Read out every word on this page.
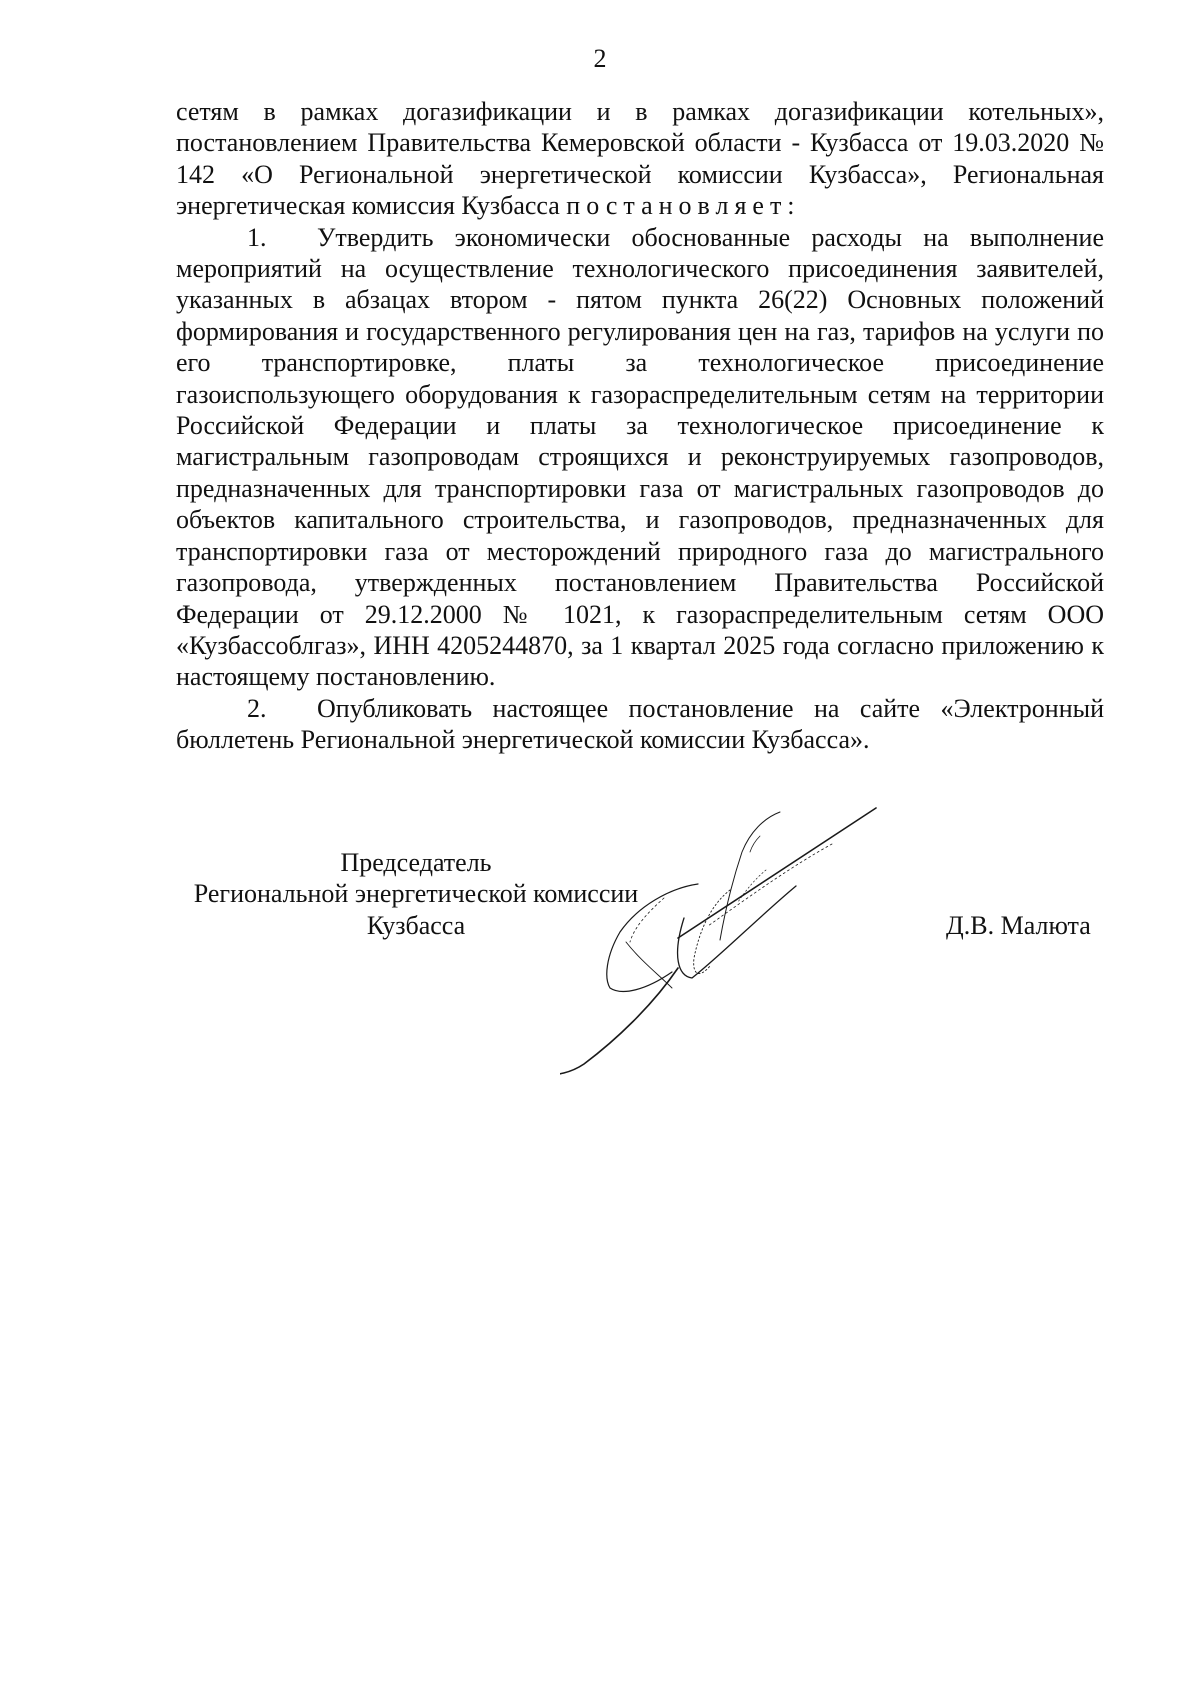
2

сетям в рамках догазификации и в рамках догазификации котельных», постановлением Правительства Кемеровской области - Кузбасса от 19.03.2020 № 142 «О Региональной энергетической комиссии Кузбасса», Региональная энергетическая комиссия Кузбасса постановляет:

1. Утвердить экономически обоснованные расходы на выполнение мероприятий на осуществление технологического присоединения заявителей, указанных в абзацах втором - пятом пункта 26(22) Основных положений формирования и государственного регулирования цен на газ, тарифов на услуги по его транспортировке, платы за технологическое присоединение газоиспользующего оборудования к газораспределительным сетям на территории Российской Федерации и платы за технологическое присоединение к магистральным газопроводам строящихся и реконструируемых газопроводов, предназначенных для транспортировки газа от магистральных газопроводов до объектов капитального строительства, и газопроводов, предназначенных для транспортировки газа от месторождений природного газа до магистрального газопровода, утвержденных постановлением Правительства Российской Федерации от 29.12.2000 № 1021, к газораспределительным сетям ООО «Кузбассоблгаз», ИНН 4205244870, за 1 квартал 2025 года согласно приложению к настоящему постановлению.

2. Опубликовать настоящее постановление на сайте «Электронный бюллетень Региональной энергетической комиссии Кузбасса».

Председатель
Региональной энергетической комиссии
Кузбасса	Д.В. Малюта
